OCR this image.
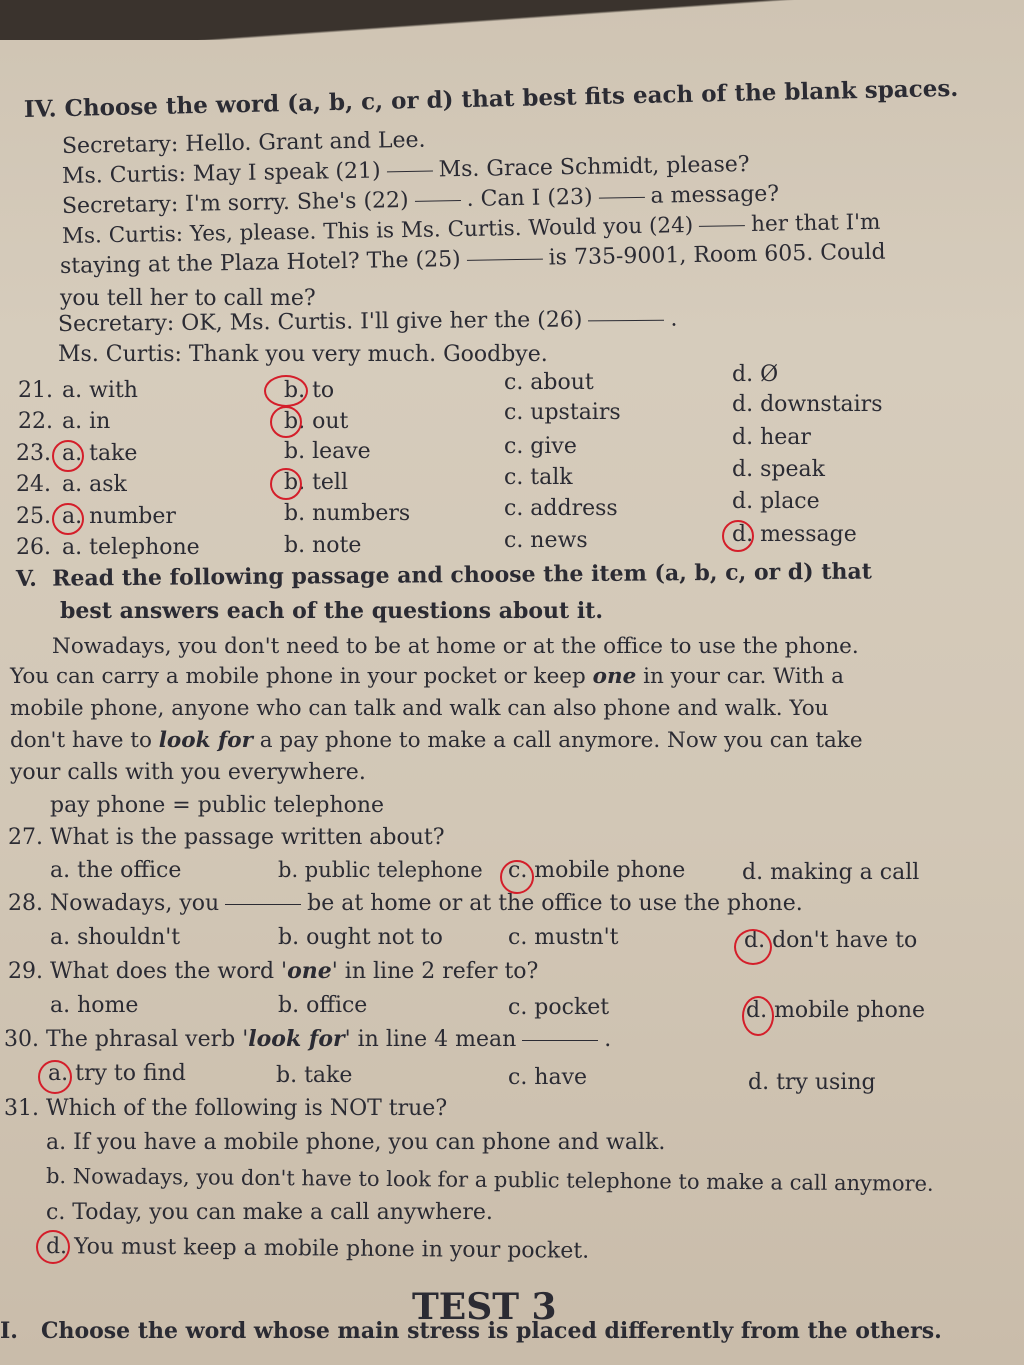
IV. Choose the word (a, b, c, or d) that best fits each of the blank spaces.
Secretary: Hello. Grant and Lee.
Ms. Curtis: May I speak (21)	Ms. Grace Schmidt, please?
Secretary: I'm sorry. She's (22)	. Can I (23)	a message?
Ms. Curtis: Yes, please. This is Ms. Curtis. Would you (24)	her that I'm
staying at the Plaza Hotel? The (25)	is 735-9001, Room 605. Could
you tell her to call me?
Secretary: OK, Ms. Curtis. I'll give her the (26)	.
Ms. Curtis: Thank you very much. Goodbye.
21. a. with	b. to	c. about	d. Ø
22. a. in	b. out	c. upstairs	d. downstairs
23. a. take	b. leave	c. give	d. hear
24. a. ask	b. tell	c. talk	d. speak
25. a. number	b. numbers	c. address	d. place
26. a. telephone	b. note	c. news	d. message
V. Read the following passage and choose the item (a, b, c, or d) that
best answers each of the questions about it.
Nowadays, you don't need to be at home or at the office to use the phone.
You can carry a mobile phone in your pocket or keep one in your car. With a
mobile phone, anyone who can talk and walk can also phone and walk. You
don't have to look for a pay phone to make a call anymore. Now you can take
your calls with you everywhere.
pay phone = public telephone
27. What is the passage written about?
a. the office	b. public telephone c. mobile phone	d. making a call
28. Nowadays, you	be at home or at the office to use the phone.
a. shouldn't	b. ought not to	c. mustn't	d. don't have to
29. What does the word 'one' in line 2 refer to?
a. home	b. office	c. pocket	d. mobile phone
30. The phrasal verb 'look for' in line 4 mean	.
a. try to find	b. take	c. have	d. try using
31. Which of the following is NOT true?
a. If you have a mobile phone, you can phone and walk.
b. Nowadays, you don't have to look for a public telephone to make a call anymore.
c. Today, you can make a call anywhere.
d. You must keep a mobile phone in your pocket.
TEST 3
I. Choose the word whose main stress is placed differently from the others.
